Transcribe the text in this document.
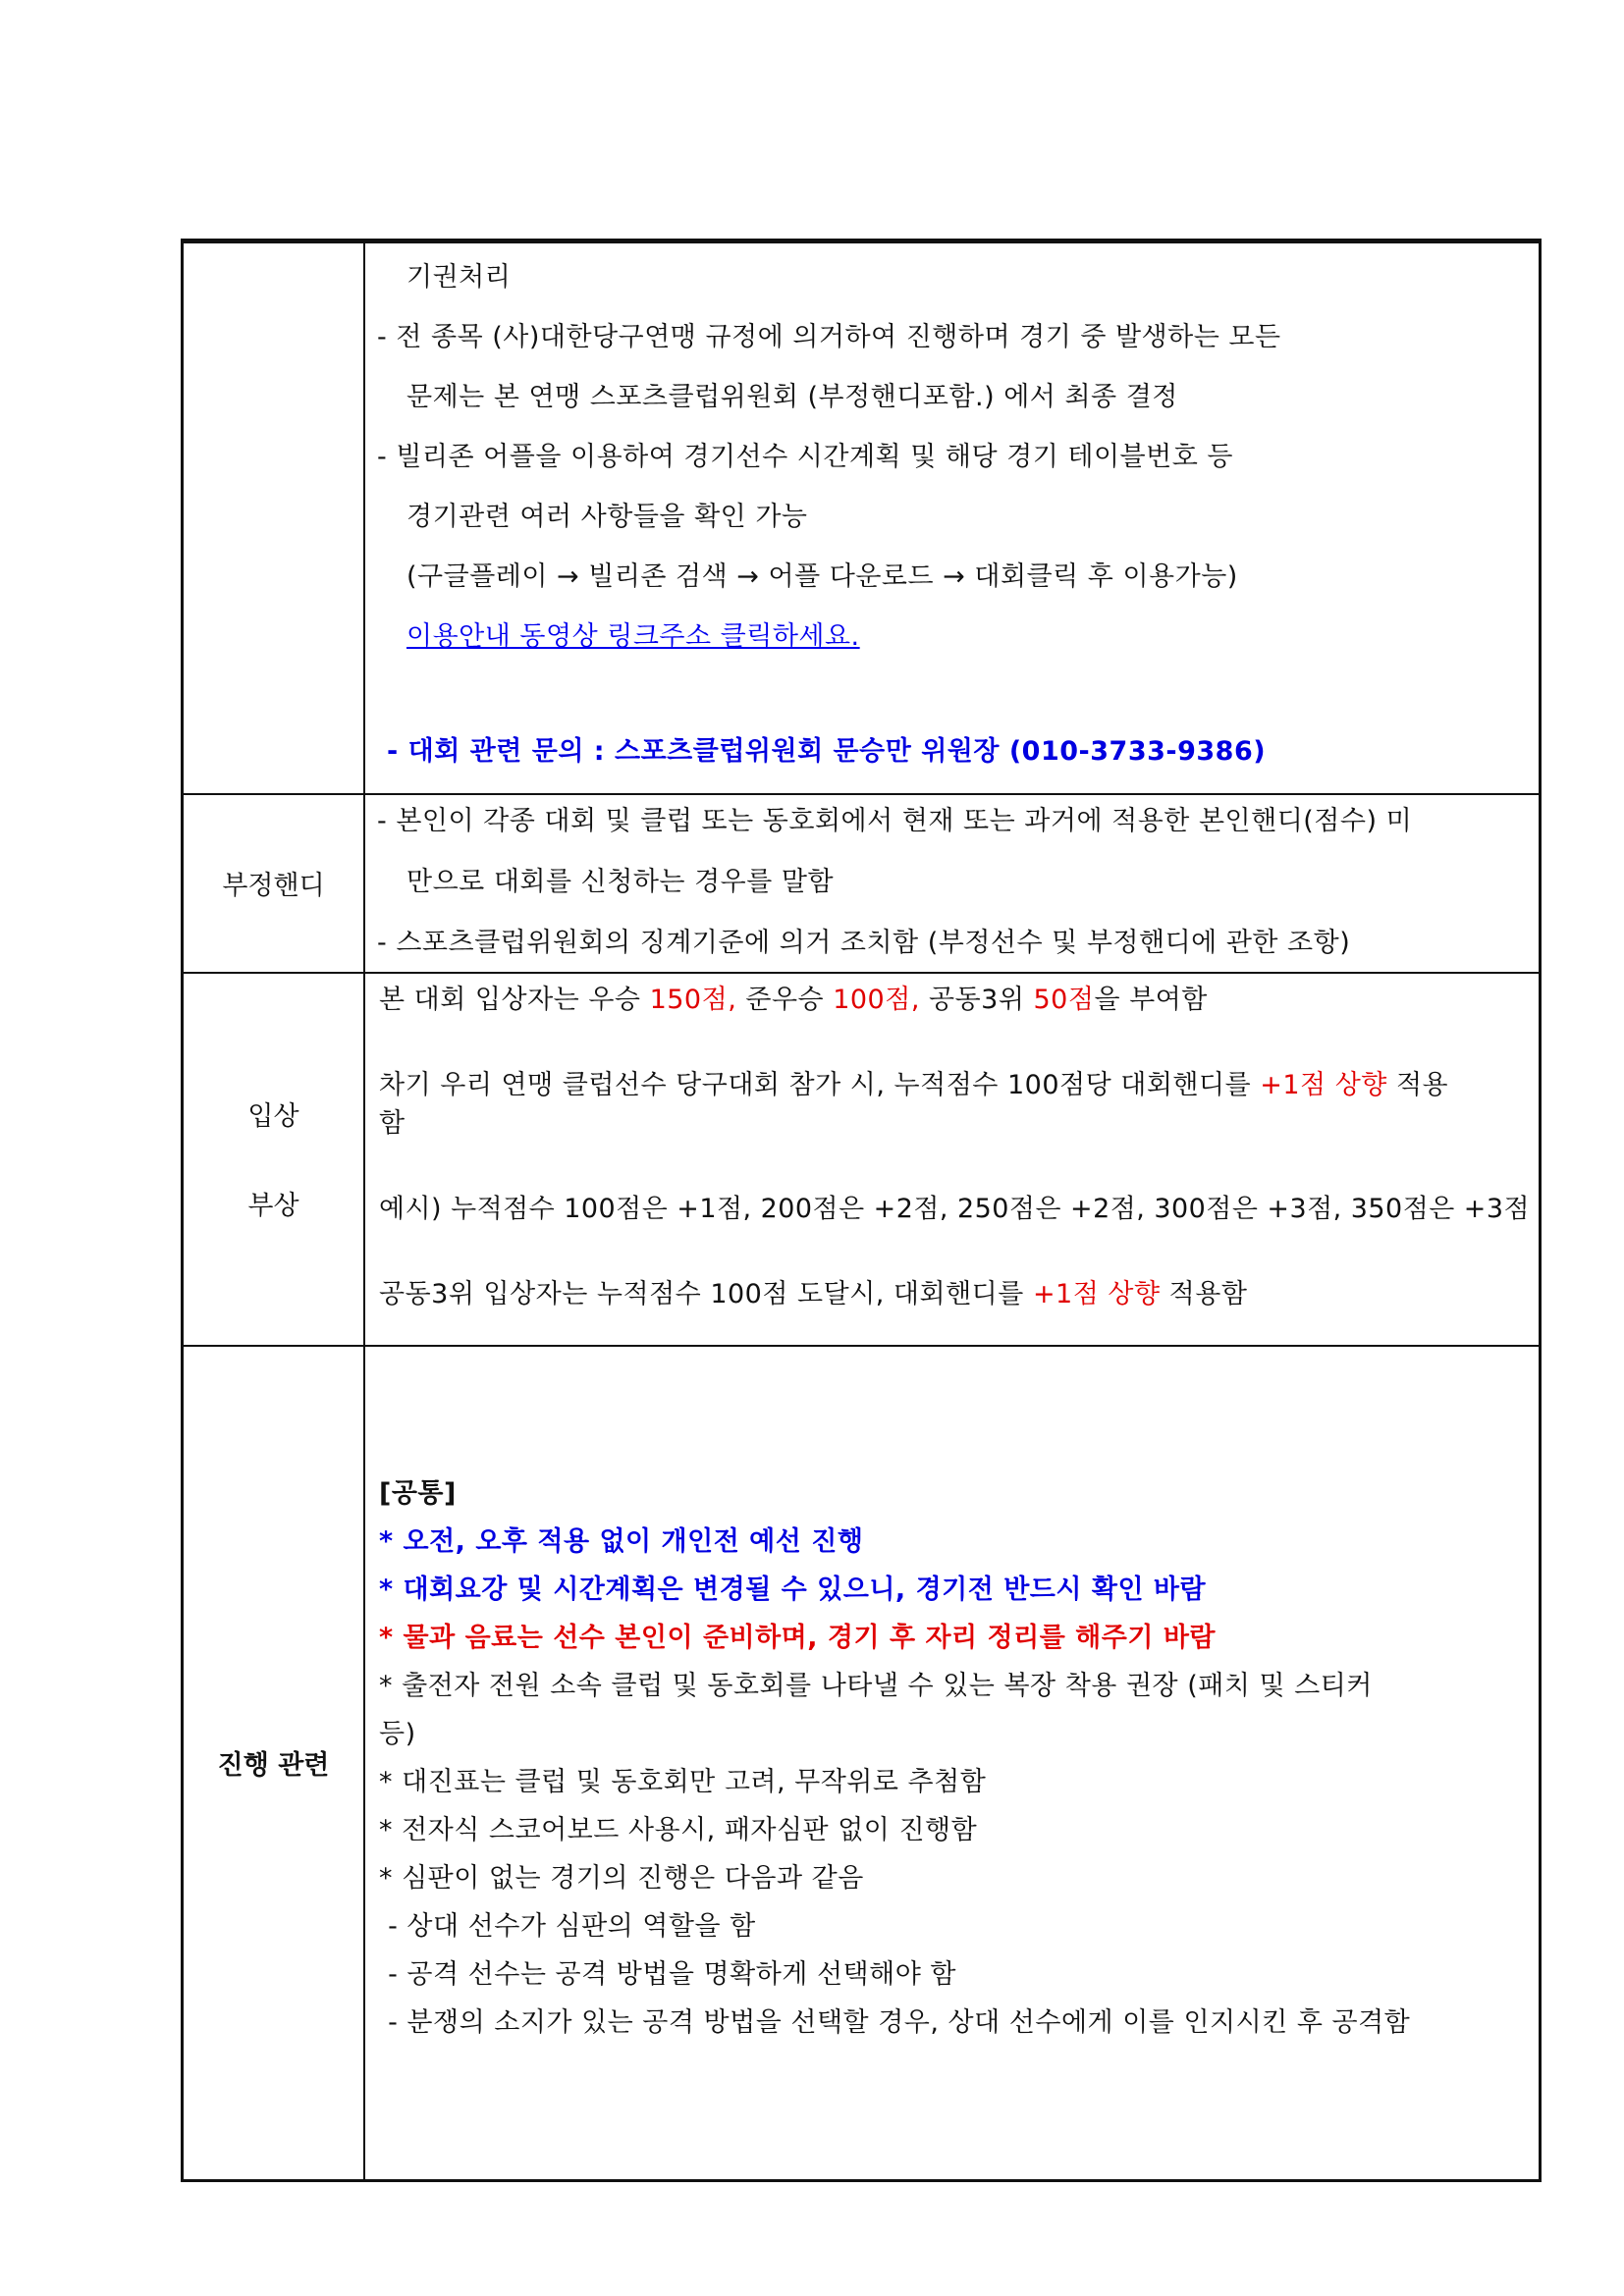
기권처리
- 전 종목 (사)대한당구연맹 규정에 의거하여 진행하며 경기 중 발생하는 모든
문제는 본 연맹 스포츠클럽위원회 (부정핸디포함.) 에서 최종 결정
- 빌리존 어플을 이용하여 경기선수 시간계획 및 해당 경기 테이블번호 등
경기관련 여러 사항들을 확인 가능
(구글플레이 → 빌리존 검색 → 어플 다운로드 → 대회클릭 후 이용가능)
이용안내 동영상 링크주소 클릭하세요.
- 대회 관련 문의 : 스포츠클럽위원회 문승만 위원장 (010-3733-9386)
부정핸디
- 본인이 각종 대회 및 클럽 또는 동호회에서 현재 또는 과거에 적용한 본인핸디(점수) 미
만으로 대회를 신청하는 경우를 말함
- 스포츠클럽위원회의 징계기준에 의거 조치함 (부정선수 및 부정핸디에 관한 조항)
입상
부상
본 대회 입상자는 우승 150점, 준우승 100점, 공동3위 50점을 부여함
차기 우리 연맹 클럽선수 당구대회 참가 시, 누적점수 100점당 대회핸디를 +1점 상향 적용
함
예시) 누적점수 100점은 +1점, 200점은 +2점, 250점은 +2점, 300점은 +3점, 350점은 +3점
공동3위 입상자는 누적점수 100점 도달시, 대회핸디를 +1점 상향 적용함
진행 관련
[공통]
* 오전, 오후 적용 없이 개인전 예선 진행
* 대회요강 및 시간계획은 변경될 수 있으니, 경기전 반드시 확인 바람
* 물과 음료는 선수 본인이 준비하며, 경기 후 자리 정리를 해주기 바람
* 출전자 전원 소속 클럽 및 동호회를 나타낼 수 있는 복장 착용 권장 (패치 및 스티커
등)
* 대진표는 클럽 및 동호회만 고려, 무작위로 추첨함
* 전자식 스코어보드 사용시, 패자심판 없이 진행함
* 심판이 없는 경기의 진행은 다음과 같음
- 상대 선수가 심판의 역할을 함
- 공격 선수는 공격 방법을 명확하게 선택해야 함
- 분쟁의 소지가 있는 공격 방법을 선택할 경우, 상대 선수에게 이를 인지시킨 후 공격함
